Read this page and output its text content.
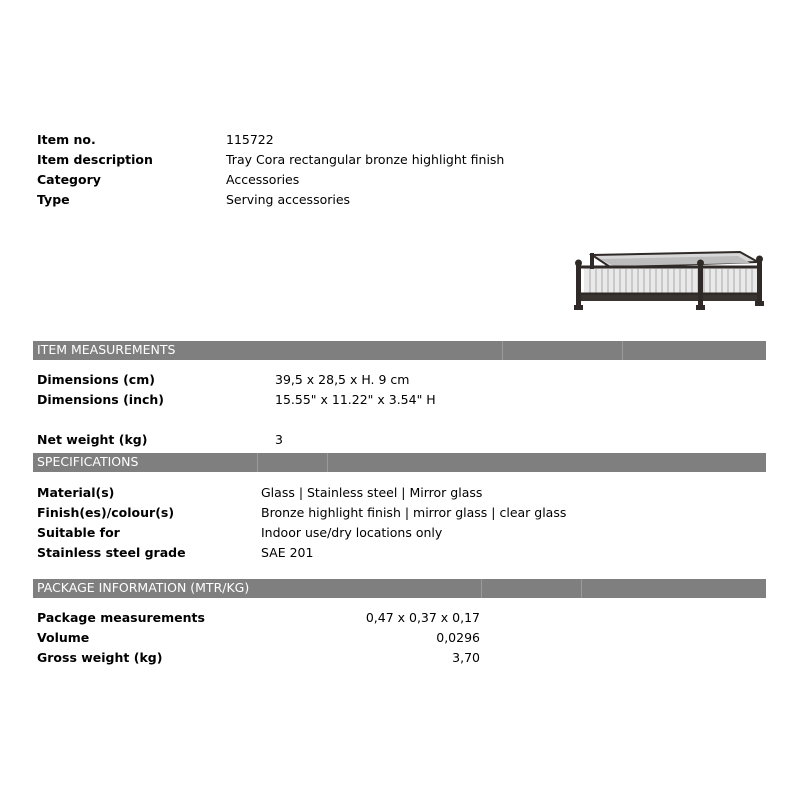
Item no.	115722
Item description	Tray Cora rectangular bronze highlight finish
Category	Accessories
Type	Serving accessories
ITEM MEASUREMENTS
Dimensions (cm)	39,5 x 28,5 x H. 9 cm
Dimensions (inch)	15.55" x 11.22" x 3.54" H
Net weight (kg)	3
SPECIFICATIONS
Material(s)	Glass | Stainless steel | Mirror glass
Finish(es)/colour(s)	Bronze highlight finish | mirror glass | clear glass
Suitable for	Indoor use/dry locations only
Stainless steel grade	SAE 201
PACKAGE INFORMATION (MTR/KG)
Package measurements	0,47 x 0,37 x 0,17
Volume	0,0296
Gross weight (kg)	3,70
